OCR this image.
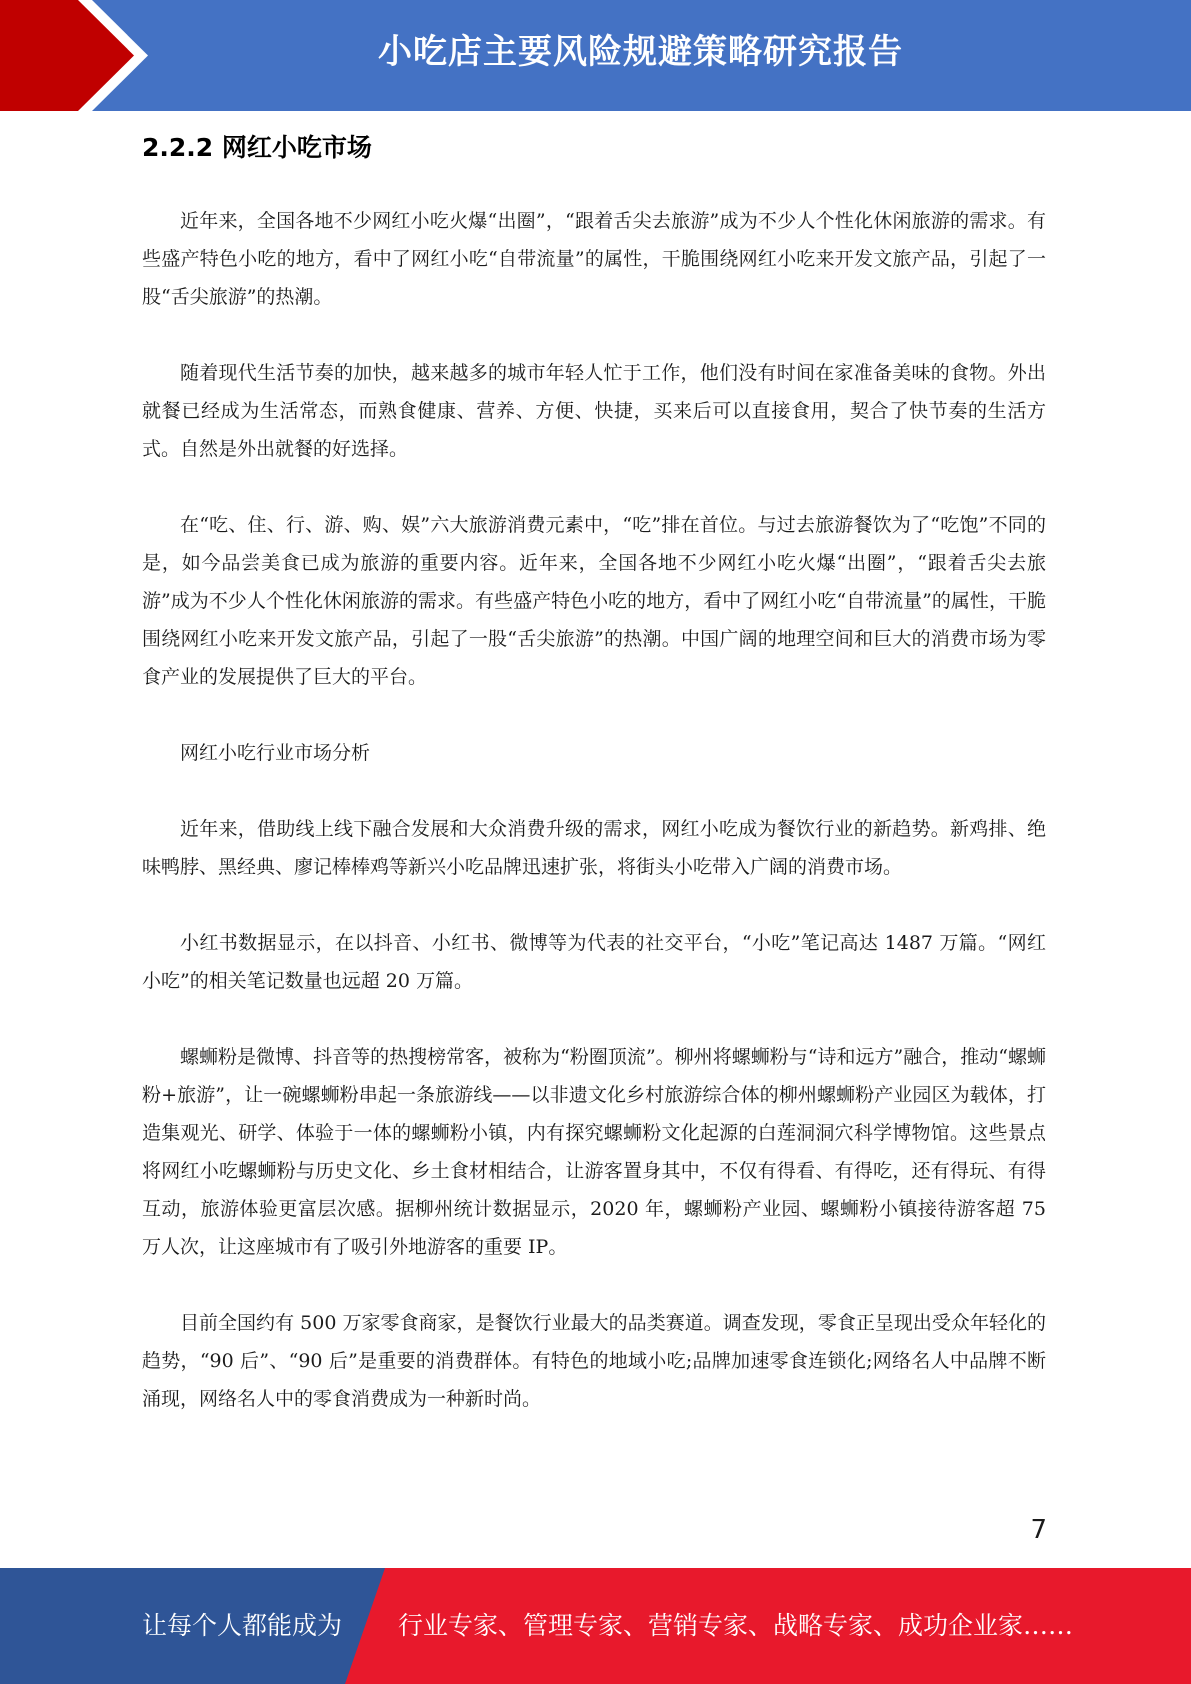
小吃店主要风险规避策略研究报告
2.2.2 网红小吃市场

近年来，全国各地不少网红小吃火爆“出圈”，“跟着舌尖去旅游”成为不少人个性化休闲旅游的需求。有些盛产特色小吃的地方，看中了网红小吃“自带流量”的属性，干脆围绕网红小吃来开发文旅产品，引起了一股“舌尖旅游”的热潮。

随着现代生活节奏的加快，越来越多的城市年轻人忙于工作，他们没有时间在家准备美味的食物。外出就餐已经成为生活常态，而熟食健康、营养、方便、快捷，买来后可以直接食用，契合了快节奏的生活方式。自然是外出就餐的好选择。

在“吃、住、行、游、购、娱”六大旅游消费元素中，“吃”排在首位。与过去旅游餐饮为了“吃饱”不同的是，如今品尝美食已成为旅游的重要内容。近年来，全国各地不少网红小吃火爆“出圈”，“跟着舌尖去旅游”成为不少人个性化休闲旅游的需求。有些盛产特色小吃的地方，看中了网红小吃“自带流量”的属性，干脆围绕网红小吃来开发文旅产品，引起了一股“舌尖旅游”的热潮。中国广阔的地理空间和巨大的消费市场为零食产业的发展提供了巨大的平台。

网红小吃行业市场分析

近年来，借助线上线下融合发展和大众消费升级的需求，网红小吃成为餐饮行业的新趋势。新鸡排、绝味鸭脖、黑经典、廖记棒棒鸡等新兴小吃品牌迅速扩张，将街头小吃带入广阔的消费市场。

小红书数据显示，在以抖音、小红书、微博等为代表的社交平台，“小吃”笔记高达 1487 万篇。“网红小吃”的相关笔记数量也远超 20 万篇。

螺蛳粉是微博、抖音等的热搜榜常客，被称为“粉圈顶流”。柳州将螺蛳粉与“诗和远方”融合，推动“螺蛳粉+旅游”，让一碗螺蛳粉串起一条旅游线——以非遗文化乡村旅游综合体的柳州螺蛳粉产业园区为载体，打造集观光、研学、体验于一体的螺蛳粉小镇，内有探究螺蛳粉文化起源的白莲洞洞穴科学博物馆。这些景点将网红小吃螺蛳粉与历史文化、乡土食材相结合，让游客置身其中，不仅有得看、有得吃，还有得玩、有得互动，旅游体验更富层次感。据柳州统计数据显示，2020 年，螺蛳粉产业园、螺蛳粉小镇接待游客超 75 万人次，让这座城市有了吸引外地游客的重要 IP。

目前全国约有 500 万家零食商家，是餐饮行业最大的品类赛道。调查发现，零食正呈现出受众年轻化的趋势，“90 后”、“90 后”是重要的消费群体。有特色的地域小吃;品牌加速零食连锁化;网络名人中品牌不断涌现，网络名人中的零食消费成为一种新时尚。

7
让每个人都能成为 行业专家、管理专家、营销专家、战略专家、成功企业家……
